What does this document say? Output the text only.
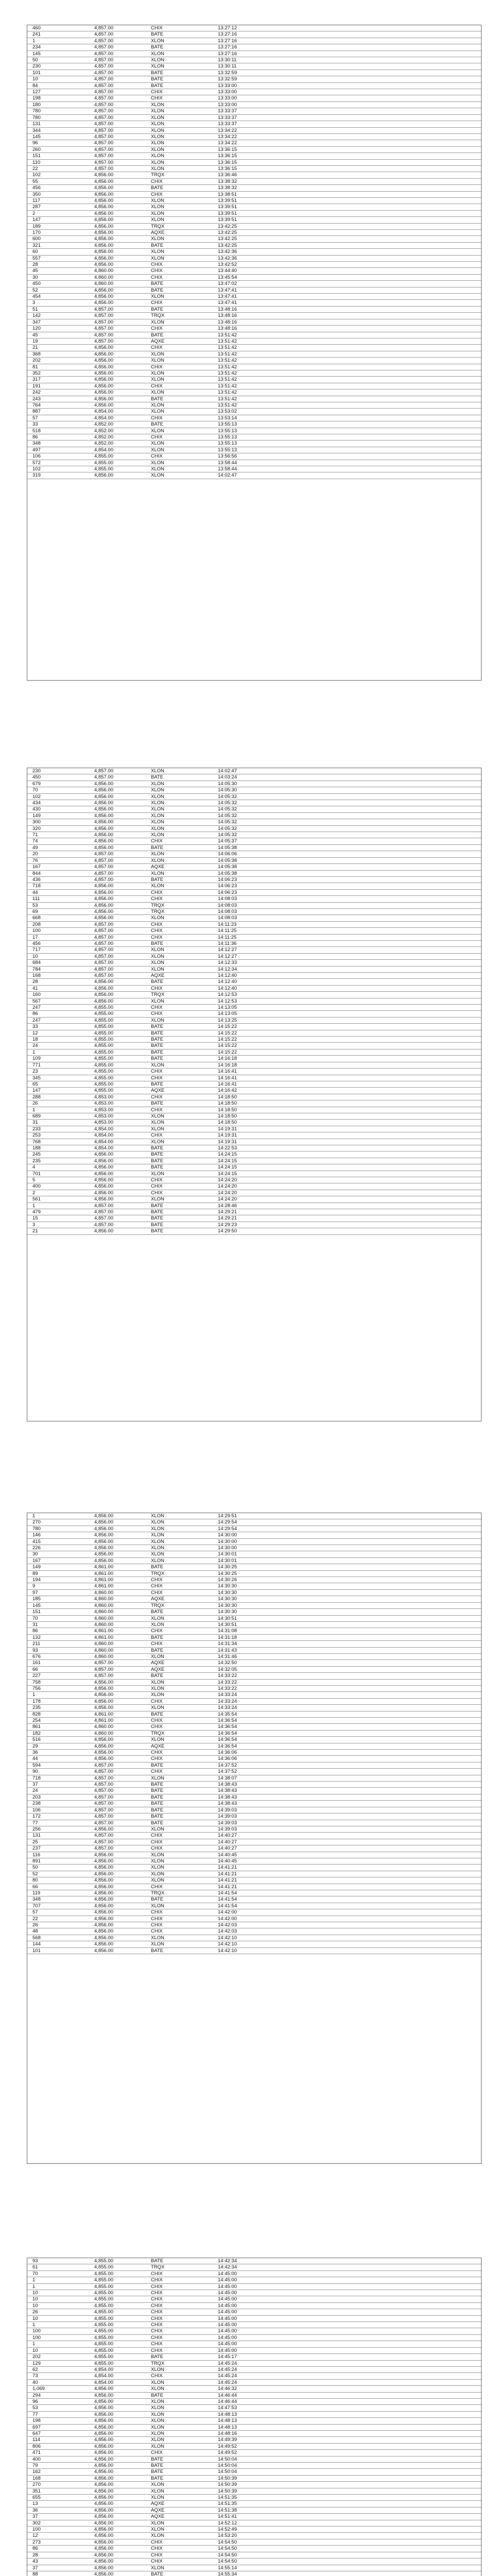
460	4,857.00	CHIX	13:27:12
241	4,857.00	BATE	13:27:16
1	4,857.00	XLON	13:27:16
234	4,857.00	BATE	13:27:16
145	4,857.00	XLON	13:27:16
50	4,857.00	XLON	13:30:11
230	4,857.00	XLON	13:30:11
101	4,857.00	BATE	13:32:59
10	4,857.00	BATE	13:32:59
84	4,857.00	BATE	13:33:00
127	4,857.00	CHIX	13:33:00
198	4,857.00	CHIX	13:33:00
180	4,857.00	XLON	13:33:00
780	4,857.00	XLON	13:33:37
780	4,857.00	XLON	13:33:37
131	4,857.00	XLON	13:33:37
344	4,857.00	XLON	13:34:22
145	4,857.00	XLON	13:34:22
96	4,857.00	XLON	13:34:22
260	4,857.00	XLON	13:36:15
151	4,857.00	XLON	13:36:15
110	4,857.00	XLON	13:36:15
22	4,857.00	XLON	13:36:15
102	4,856.00	TRQX	13:36:46
55	4,856.00	CHIX	13:38:32
456	4,856.00	BATE	13:38:32
350	4,856.00	CHIX	13:38:51
117	4,856.00	XLON	13:39:51
287	4,856.00	XLON	13:39:51
2	4,856.00	XLON	13:39:51
147	4,856.00	XLON	13:39:51
189	4,856.00	TRQX	13:42:25
170	4,856.00	AQXE	13:42:25
600	4,856.00	XLON	13:42:25
321	4,856.00	BATE	13:42:25
60	4,856.00	XLON	13:42:36
557	4,856.00	XLON	13:42:36
28	4,856.00	CHIX	13:42:52
45	4,860.00	CHIX	13:44:40
30	4,860.00	CHIX	13:45:54
450	4,860.00	BATE	13:47:02
52	4,856.00	BATE	13:47:41
454	4,856.00	XLON	13:47:41
3	4,856.00	CHIX	13:47:41
51	4,857.00	BATE	13:48:16
142	4,857.00	TRQX	13:48:16
347	4,857.00	XLON	13:48:16
120	4,857.00	CHIX	13:48:16
45	4,857.00	BATE	13:51:42
19	4,857.00	AQXE	13:51:42
21	4,856.00	CHIX	13:51:42
368	4,856.00	XLON	13:51:42
202	4,856.00	XLON	13:51:42
81	4,856.00	CHIX	13:51:42
352	4,856.00	XLON	13:51:42
317	4,856.00	XLON	13:51:42
191	4,856.00	CHIX	13:51:42
242	4,856.00	XLON	13:51:42
243	4,856.00	BATE	13:51:42
764	4,856.00	XLON	13:51:42
887	4,854.00	XLON	13:53:02
57	4,854.00	CHIX	13:53:14
33	4,852.00	BATE	13:55:13
518	4,852.00	XLON	13:55:13
86	4,852.00	CHIX	13:55:13
348	4,852.00	XLON	13:55:13
497	4,854.00	XLON	13:55:13
106	4,855.00	CHIX	13:56:56
572	4,855.00	XLON	13:58:44
102	4,855.00	XLON	13:58:44
319	4,856.00	XLON	14:02:47
230	4,857.00	XLON	14:02:47
450	4,857.00	BATE	14:03:24
679	4,856.00	XLON	14:05:30
70	4,856.00	XLON	14:05:30
102	4,856.00	XLON	14:05:32
434	4,856.00	XLON	14:05:32
430	4,856.00	XLON	14:05:32
149	4,856.00	XLON	14:05:32
300	4,856.00	XLON	14:05:32
320	4,856.00	XLON	14:05:32
71	4,856.00	XLON	14:05:32
74	4,856.00	CHIX	14:05:37
49	4,856.00	BATE	14:05:38
20	4,857.00	XLON	14:06:06
76	4,857.00	XLON	14:05:38
167	4,857.00	AQXE	14:05:38
844	4,857.00	XLON	14:05:38
436	4,857.00	BATE	14:06:23
718	4,856.00	XLON	14:06:23
44	4,856.00	CHIX	14:06:23
111	4,856.00	CHIX	14:08:03
53	4,856.00	TRQX	14:08:03
69	4,856.00	TRQX	14:08:03
668	4,856.00	XLON	14:08:03
208	4,857.00	CHIX	14:11:23
100	4,857.00	CHIX	14:11:25
17	4,857.00	CHIX	14:11:25
456	4,857.00	BATE	14:11:36
717	4,857.00	XLON	14:12:27
10	4,857.00	XLON	14:12:27
684	4,857.00	XLON	14:12:33
784	4,857.00	XLON	14:12:34
168	4,857.00	AQXE	14:12:40
28	4,856.00	BATE	14:12:40
41	4,856.00	CHIX	14:12:40
160	4,856.00	TRQX	14:12:53
567	4,856.00	XLON	14:12:53
247	4,855.00	CHIX	14:13:05
86	4,855.00	CHIX	14:13:05
247	4,855.00	XLON	14:13:25
33	4,855.00	BATE	14:15:22
12	4,855.00	BATE	14:15:22
18	4,855.00	BATE	14:15:22
24	4,855.00	BATE	14:15:22
1	4,855.00	BATE	14:15:22
109	4,855.00	BATE	14:16:18
771	4,855.00	XLON	14:16:18
23	4,855.00	CHIX	14:16:41
345	4,855.00	CHIX	14:16:41
65	4,855.00	BATE	14:16:41
147	4,855.00	AQXE	14:16:42
288	4,853.00	CHIX	14:18:50
26	4,853.00	BATE	14:18:50
1	4,853.00	CHIX	14:18:50
689	4,853.00	XLON	14:18:50
31	4,853.00	XLON	14:18:50
233	4,854.00	XLON	14:19:31
253	4,854.00	CHIX	14:19:31
768	4,854.00	XLON	14:19:31
188	4,854.00	BATE	14:22:53
245	4,856.00	BATE	14:24:15
235	4,856.00	BATE	14:24:15
4	4,856.00	BATE	14:24:15
701	4,856.00	XLON	14:24:15
5	4,856.00	CHIX	14:24:20
400	4,856.00	CHIX	14:24:20
2	4,856.00	CHIX	14:24:20
561	4,856.00	XLON	14:24:20
1	4,857.00	BATE	14:28:46
479	4,857.00	BATE	14:29:21
15	4,857.00	BATE	14:29:21
3	4,857.00	BATE	14:29:23
21	4,856.00	BATE	14:29:50
1	4,856.00	XLON	14:29:51
270	4,856.00	XLON	14:29:54
780	4,856.00	XLON	14:29:54
146	4,856.00	XLON	14:30:00
415	4,856.00	XLON	14:30:00
226	4,856.00	XLON	14:30:00
30	4,856.00	XLON	14:30:01
167	4,856.00	XLON	14:30:01
149	4,861.00	BATE	14:30:25
89	4,861.00	TRQX	14:30:25
194	4,861.00	CHIX	14:30:26
9	4,861.00	CHIX	14:30:30
97	4,860.00	CHIX	14:30:30
185	4,860.00	AQXE	14:30:30
145	4,860.00	TRQX	14:30:30
151	4,860.00	BATE	14:30:30
70	4,860.00	XLON	14:30:51
31	4,860.00	XLON	14:30:51
86	4,861.00	CHIX	14:31:08
132	4,861.00	BATE	14:31:18
211	4,860.00	CHIX	14:31:34
93	4,860.00	BATE	14:31:43
676	4,860.00	XLON	14:31:46
161	4,857.00	AQXE	14:32:50
66	4,857.00	AQXE	14:32:05
227	4,857.00	BATE	14:33:22
758	4,856.00	XLON	14:33:22
756	4,856.00	XLON	14:33:22
1	4,856.00	XLON	14:33:24
178	4,856.00	CHIX	14:33:24
235	4,856.00	XLON	14:33:24
828	4,861.00	BATE	14:35:54
254	4,861.00	CHIX	14:36:54
861	4,860.00	CHIX	14:36:54
182	4,860.00	TRQX	14:36:54
516	4,856.00	XLON	14:36:54
29	4,856.00	AQXE	14:36:54
36	4,856.00	CHIX	14:36:06
44	4,856.00	CHIX	14:36:06
594	4,857.00	BATE	14:37:52
90	4,857.00	CHIX	14:37:52
718	4,857.00	XLON	14:38:07
37	4,857.00	BATE	14:38:43
24	4,857.00	BATE	14:38:43
203	4,857.00	BATE	14:38:43
238	4,857.00	BATE	14:38:43
106	4,857.00	BATE	14:39:03
172	4,857.00	BATE	14:39:03
77	4,857.00	BATE	14:39:03
256	4,856.00	XLON	14:39:03
131	4,857.00	CHIX	14:40:27
25	4,857.00	CHIX	14:40:27
237	4,857.00	CHIX	14:40:27
116	4,856.00	XLON	14:40:45
891	4,856.00	XLON	14:40:45
50	4,856.00	XLON	14:41:21
52	4,856.00	XLON	14:41:21
80	4,856.00	XLON	14:41:21
66	4,856.00	CHIX	14:41:21
119	4,856.00	TRQX	14:41:54
348	4,856.00	BATE	14:41:54
707	4,856.00	XLON	14:41:54
57	4,856.00	CHIX	14:42:00
22	4,856.00	CHIX	14:42:00
26	4,856.00	CHIX	14:42:03
48	4,856.00	CHIX	14:42:03
568	4,856.00	XLON	14:42:10
144	4,856.00	XLON	14:42:10
101	4,856.00	BATE	14:42:10
93	4,855.00	BATE	14:42:34
61	4,855.00	TRQX	14:42:34
70	4,855.00	CHIX	14:45:00
1	4,855.00	CHIX	14:45:00
1	4,855.00	CHIX	14:45:00
10	4,855.00	CHIX	14:45:00
10	4,855.00	CHIX	14:45:00
10	4,855.00	CHIX	14:45:00
26	4,855.00	CHIX	14:45:00
10	4,855.00	CHIX	14:45:00
1	4,855.00	CHIX	14:45:00
100	4,855.00	CHIX	14:45:00
100	4,855.00	CHIX	14:45:00
1	4,855.00	CHIX	14:45:00
10	4,855.00	CHIX	14:45:00
202	4,855.00	BATE	14:45:17
129	4,855.00	TRQX	14:45:24
62	4,854.00	XLON	14:45:24
73	4,854.00	CHIX	14:45:24
40	4,854.00	XLON	14:45:24
1,069	4,856.00	XLON	14:46:32
294	4,856.00	BATE	14:46:44
96	4,856.00	XLON	14:46:44
53	4,856.00	XLON	14:47:53
77	4,856.00	XLON	14:48:13
198	4,856.00	XLON	14:48:13
697	4,856.00	XLON	14:48:13
647	4,856.00	XLON	14:48:16
114	4,856.00	XLON	14:49:39
806	4,856.00	XLON	14:49:52
471	4,856.00	CHIX	14:49:52
400	4,856.00	BATE	14:50:04
79	4,856.00	BATE	14:50:04
162	4,856.00	BATE	14:50:04
168	4,856.00	BATE	14:50:39
270	4,856.00	XLON	14:50:39
351	4,856.00	XLON	14:50:39
655	4,856.00	XLON	14:51:35
13	4,856.00	AQXE	14:51:35
36	4,856.00	AQXE	14:51:38
37	4,856.00	AQXE	14:51:41
302	4,856.00	XLON	14:52:12
100	4,856.00	XLON	14:52:49
12	4,856.00	XLON	14:53:20
273	4,856.00	CHIX	14:54:50
86	4,856.00	CHIX	14:54:50
28	4,856.00	CHIX	14:54:50
43	4,856.00	CHIX	14:54:50
37	4,856.00	XLON	14:55:14
88	4,856.00	BATE	14:55:34
